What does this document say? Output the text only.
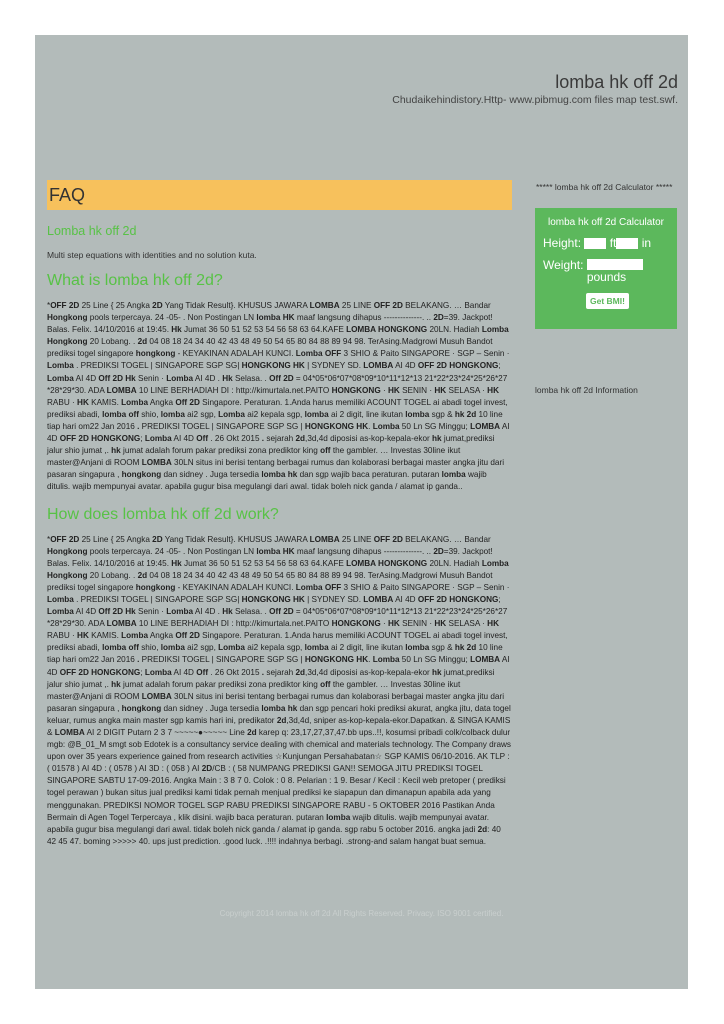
lomba hk off 2d
Chudaikehindistory.Http- www.pibmug.com files map test.swf.
FAQ
Lomba hk off 2d
Multi step equations with identities and no solution kuta.
What is lomba hk off 2d?

*OFF 2D 25 Line { 25 Angka 2D Yang Tidak Result}. KHUSUS JAWARA LOMBA 25 LINE OFF 2D BELAKANG. … Bandar Hongkong pools terpercaya. 24 -05- . Non Postingan LN lomba HK maaf langsung dihapus --------------. .. 2D=39. Jackpot! Balas. Felix. 14/10/2016 at 19:45. Hk Jumat 36 50 51 52 53 54 56 58 63 64.KAFE LOMBA HONGKONG 20LN. Hadiah Lomba Hongkong 20 Lobang. . 2d 04 08 18 24 34 40 42 43 48 49 50 54 65 80 84 88 89 94 98. TerAsing.Madgrowi Musuh Bandot prediksi togel singapore hongkong - KEYAKINAN ADALAH KUNCI. Lomba OFF 3 SHIO & Paito SINGAPORE · SGP – Senin · Lomba . PREDIKSI TOGEL | SINGAPORE SGP SG| HONGKONG HK | SYDNEY SD. LOMBA AI 4D OFF 2D HONGKONG; Lomba AI 4D Off 2D Hk Senin · Lomba AI 4D . Hk Selasa. . Off 2D = 04*05*06*07*08*09*10*11*12*13 21*22*23*24*25*26*27 *28*29*30. ADA LOMBA 10 LINE BERHADIAH DI : http://kimurtala.net.PAITO HONGKONG · HK SENIN · HK SELASA · HK RABU · HK KAMIS. Lomba Angka Off 2D Singapore. Peraturan. 1.Anda harus memiliki ACOUNT TOGEL ai abadi togel invest, prediksi abadi, lomba off shio, lomba ai2 sgp, Lomba ai2 kepala sgp, lomba ai 2 digit, line ikutan lomba sgp & hk 2d 10 line tiap hari om22 Jan 2016 . PREDIKSI TOGEL | SINGAPORE SGP SG | HONGKONG HK. Lomba 50 Ln SG Minggu; LOMBA AI 4D OFF 2D HONGKONG; Lomba AI 4D Off . 26 Okt 2015 . sejarah 2d,3d,4d diposisi as-kop-kepala-ekor hk jumat,prediksi jalur shio jumat ,. hk jumat adalah forum pakar prediksi zona prediktor king off the gambler. … Investas 30line ikut master@Anjani di ROOM LOMBA 30LN situs ini berisi tentang berbagai rumus dan kolaborasi berbagai master angka jitu dari pasaran singapura , hongkong dan sidney . Juga tersedia lomba hk dan sgp wajib baca peraturan. putaran lomba wajib ditulis. wajib mempunyai avatar. apabila gugur bisa megulangi dari awal. tidak boleh nick ganda / alamat ip ganda..

How does lomba hk off 2d work?

*OFF 2D 25 Line { 25 Angka 2D Yang Tidak Result}. KHUSUS JAWARA LOMBA 25 LINE OFF 2D BELAKANG. … Bandar Hongkong pools terpercaya. 24 -05- . Non Postingan LN lomba HK maaf langsung dihapus --------------. .. 2D=39. Jackpot! Balas. Felix. 14/10/2016 at 19:45. Hk Jumat 36 50 51 52 53 54 56 58 63 64.KAFE LOMBA HONGKONG 20LN. Hadiah Lomba Hongkong 20 Lobang. . 2d 04 08 18 24 34 40 42 43 48 49 50 54 65 80 84 88 89 94 98. TerAsing.Madgrowi Musuh Bandot prediksi togel singapore hongkong - KEYAKINAN ADALAH KUNCI. Lomba OFF 3 SHIO & Paito SINGAPORE · SGP – Senin · Lomba . PREDIKSI TOGEL | SINGAPORE SGP SG| HONGKONG HK | SYDNEY SD. LOMBA AI 4D OFF 2D HONGKONG; Lomba AI 4D Off 2D Hk Senin · Lomba AI 4D . Hk Selasa. . Off 2D = 04*05*06*07*08*09*10*11*12*13 21*22*23*24*25*26*27 *28*29*30. ADA LOMBA 10 LINE BERHADIAH DI : http://kimurtala.net.PAITO HONGKONG · HK SENIN · HK SELASA · HK RABU · HK KAMIS. Lomba Angka Off 2D Singapore. Peraturan. 1.Anda harus memiliki ACOUNT TOGEL ai abadi togel invest, prediksi abadi, lomba off shio, lomba ai2 sgp, Lomba ai2 kepala sgp, lomba ai 2 digit, line ikutan lomba sgp & hk 2d 10 line tiap hari om22 Jan 2016 . PREDIKSI TOGEL | SINGAPORE SGP SG | HONGKONG HK. Lomba 50 Ln SG Minggu; LOMBA AI 4D OFF 2D HONGKONG; Lomba AI 4D Off . 26 Okt 2015 . sejarah 2d,3d,4d diposisi as-kop-kepala-ekor hk jumat,prediksi jalur shio jumat ,. hk jumat adalah forum pakar prediksi zona prediktor king off the gambler. … Investas 30line ikut master@Anjani di ROOM LOMBA 30LN situs ini berisi tentang berbagai rumus dan kolaborasi berbagai master angka jitu dari pasaran singapura , hongkong dan sidney . Juga tersedia lomba hk dan sgp pencari hoki prediksi akurat, angka jitu, data togel keluar, rumus angka main master sgp kamis hari ini, predikator 2d,3d,4d, sniper as-kop-kepala-ekor.Dapatkan. & SINGA KAMIS & LOMBA AI 2 DIGIT Putarn 2 3 7 ~~~~~●~~~~~ Line 2d karep q: 23,17,27,37,47.bb ups..!!, kosumsi pribadi colk/colback dulur mgb: @B_01_M smgt sob Edotek is a consultancy service dealing with chemical and materials technology. The Company draws upon over 35 years experience gained from research activities ☆Kunjungan Persahabatan☆ SGP KAMIS 06/10-2016. AK TLP : ( 01578 ) AI 4D : ( 0578 ) AI 3D : ( 058 ) AI 2D/CB : ( 58 NUMPANG PREDIKSI GAN!! SEMOGA JITU PREDIKSI TOGEL SINGAPORE SABTU 17-09-2016. Angka Main : 3 8 7 0. Colok : 0 8. Pelarian : 1 9. Besar / Kecil : Kecil web pretoper ( prediksi togel perawan ) bukan situs jual prediksi kami tidak pernah menjual prediksi ke siapapun dan dimanapun apabila ada yang menggunakan. PREDIKSI NOMOR TOGEL SGP RABU PREDIKSI SINGAPORE RABU - 5 OKTOBER 2016 Pastikan Anda Bermain di Agen Togel Terpercaya , klik disini. wajib baca peraturan. putaran lomba wajib ditulis. wajib mempunyai avatar. apabila gugur bisa megulangi dari awal. tidak boleh nick ganda / alamat ip ganda. sgp rabu 5 october 2016. angka jadi 2d: 40 42 45 47. boming >>>>> 40. ups just prediction. .good luck. .!!!! indahnya berbagi. .strong-and salam hangat buat semua.

***** lomba hk off 2d Calculator *****
lomba hk off 2d Calculator
Height: ft in
Weight:
pounds
Get BMI!
lomba hk off 2d Information
Copyright 2014 lomba hk off 2d All Rights Reserved. Privacy. ISO 9001 certified.
